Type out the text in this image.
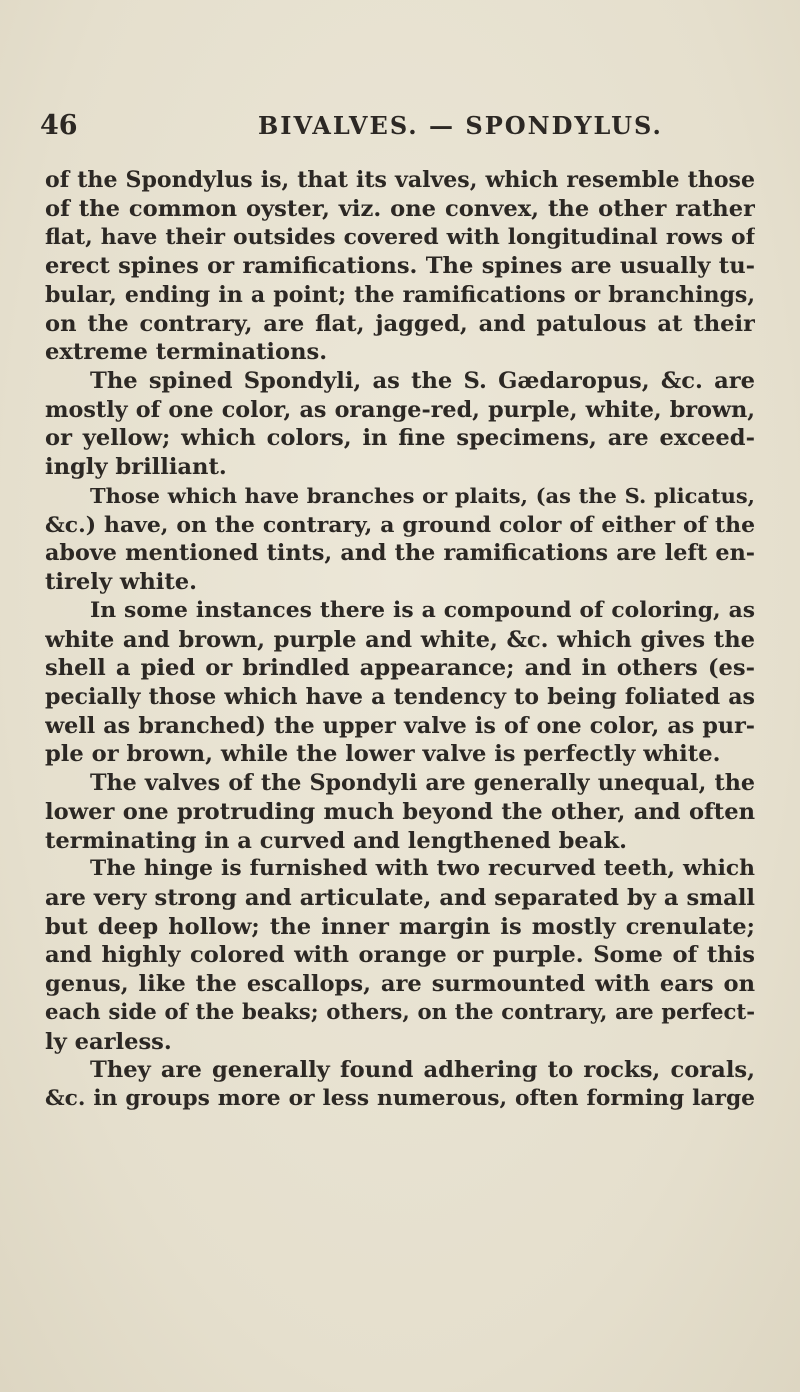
46	BIVALVES. — SPONDYLUS.
of the Spondylus is, that its valves, which resemble those
of the common oyster, viz. one convex, the other rather
flat, have their outsides covered with longitudinal rows of
erect spines or ramifications. The spines are usually tu-
bular, ending in a point; the ramifications or branchings,
on the contrary, are flat, jagged, and patulous at their
extreme terminations.
The spined Spondyli, as the S. Gædaropus, &c. are
mostly of one color, as orange-red, purple, white, brown,
or yellow; which colors, in fine specimens, are exceed-
ingly brilliant.
Those which have branches or plaits, (as the S. plicatus,
&c.) have, on the contrary, a ground color of either of the
above mentioned tints, and the ramifications are left en-
tirely white.
In some instances there is a compound of coloring, as
white and brown, purple and white, &c. which gives the
shell a pied or brindled appearance; and in others (es-
pecially those which have a tendency to being foliated as
well as branched) the upper valve is of one color, as pur-
ple or brown, while the lower valve is perfectly white.
The valves of the Spondyli are generally unequal, the
lower one protruding much beyond the other, and often
terminating in a curved and lengthened beak.
The hinge is furnished with two recurved teeth, which
are very strong and articulate, and separated by a small
but deep hollow; the inner margin is mostly crenulate;
and highly colored with orange or purple. Some of this
genus, like the escallops, are surmounted with ears on
each side of the beaks; others, on the contrary, are perfect-
ly earless.
They are generally found adhering to rocks, corals,
&c. in groups more or less numerous, often forming large
